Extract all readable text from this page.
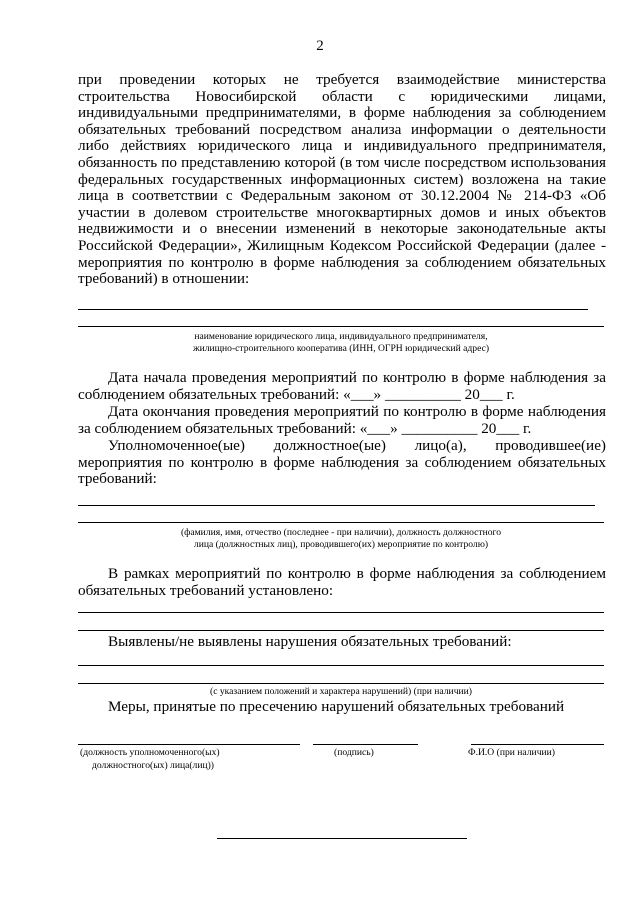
2

при проведении которых не требуется взаимодействие министерства строительства Новосибирской области с юридическими лицами, индивидуальными предпринимателями, в форме наблюдения за соблюдением обязательных требований посредством анализа информации о деятельности либо действиях юридического лица и индивидуального предпринимателя, обязанность по представлению которой (в том числе посредством использования федеральных государственных информационных систем) возложена на такие лица в соответствии с Федеральным законом от 30.12.2004 № 214-ФЗ «Об участии в долевом строительстве многоквартирных домов и иных объектов недвижимости и о внесении изменений в некоторые законодательные акты Российской Федерации», Жилищным Кодексом Российской Федерации (далее - мероприятия по контролю в форме наблюдения за соблюдением обязательных требований) в отношении:

наименование юридического лица, индивидуального предпринимателя,
жилищно-строительного кооператива (ИНН, ОГРН юридический адрес)

Дата начала проведения мероприятий по контролю в форме наблюдения за соблюдением обязательных требований: «___» __________ 20___ г.

Дата окончания проведения мероприятий по контролю в форме наблюдения за соблюдением обязательных требований: «___» __________ 20___ г.

Уполномоченное(ые) должностное(ые) лицо(а), проводившее(ие) мероприятия по контролю в форме наблюдения за соблюдением обязательных требований:

(фамилия, имя, отчество (последнее - при наличии), должность должностного
лица (должностных лиц), проводившего(их) мероприятие по контролю)

В рамках мероприятий по контролю в форме наблюдения за соблюдением обязательных требований установлено:

Выявлены/не выявлены нарушения обязательных требований:

(с указанием положений и характера нарушений) (при наличии)

Меры, принятые по пресечению нарушений обязательных требований

(должность уполномоченного(ых)
должностного(ых) лица(лиц))
(подпись)	Ф.И.О (при наличии)
